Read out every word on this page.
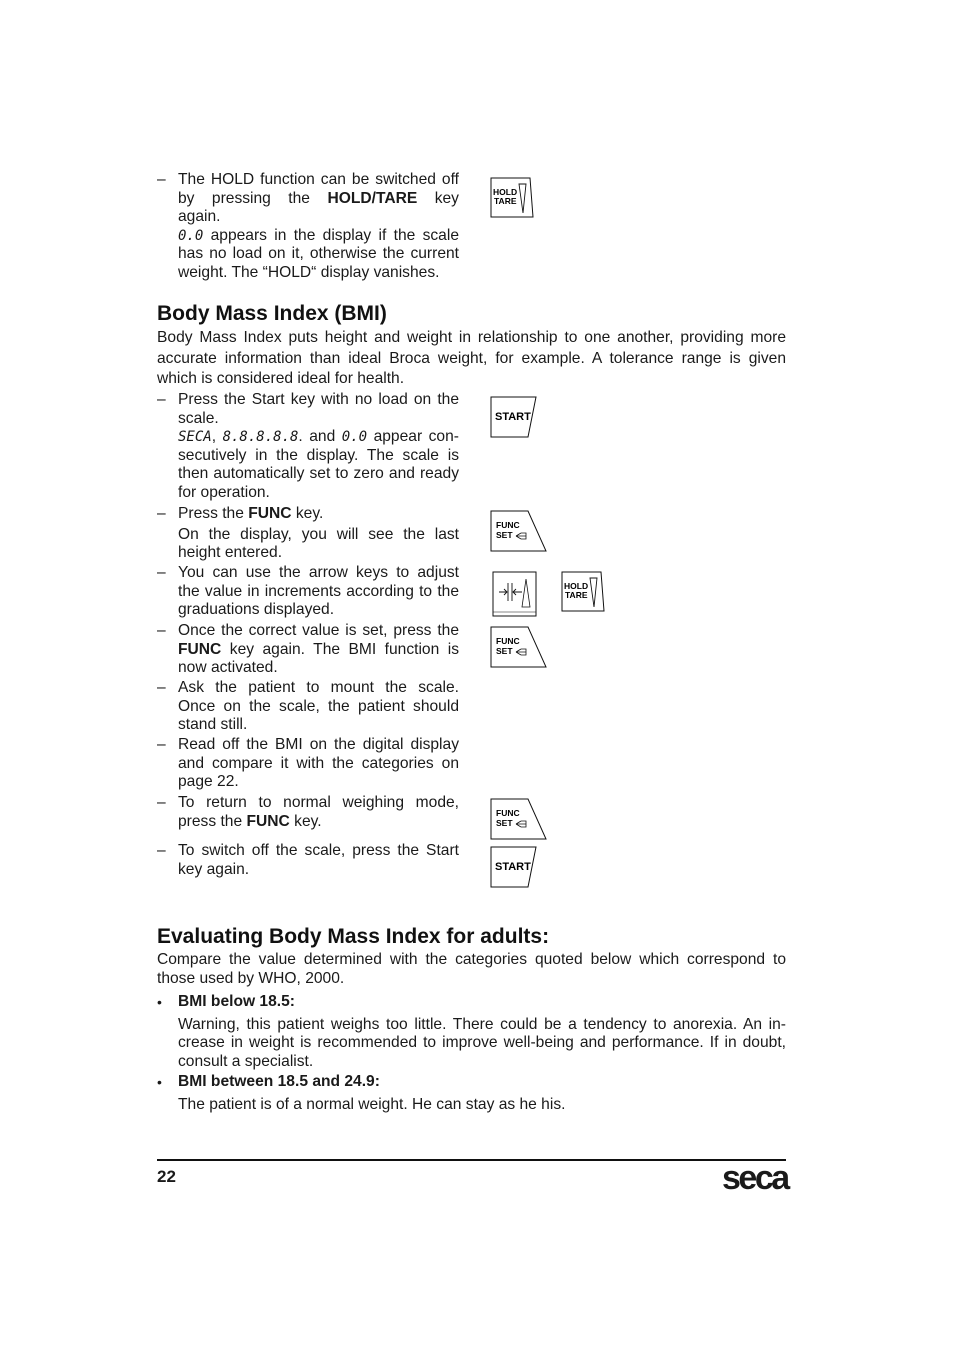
– The HOLD function can be switched off

by pressing the HOLD/TARE key

again.

0.0 appears in the display if the scale

has no load on it, otherwise the current

weight. The “HOLD“ display vanishes.

HOLD
TARE
Body Mass Index (BMI)

Body Mass Index puts height and weight in relationship to one another, providing more

accurate information than ideal Broca weight, for example. A tolerance range is given

which is considered ideal for health.

– Press the Start key with no load on the

scale.

SECA, 8.8.8.8.8. and 0.0 appear con-

secutively in the display. The scale is

then automatically set to zero and ready

for operation.

START
– Press the FUNC key.

On the display, you will see the last

height entered.

FUNC
SET
– You can use the arrow keys to adjust

the value in increments according to the

graduations displayed.

HOLD
TARE
– Once the correct value is set, press the

FUNC key again. The BMI function is

now activated.

FUNC
SET
– Ask the patient to mount the scale.

Once on the scale, the patient should

stand still.

– Read off the BMI on the digital display

and compare it with the categories on

page 22.

– To return to normal weighing mode,

press the FUNC key.	FUNC
SET
– To switch off the scale, press the Start

key again.	START
Evaluating Body Mass Index for adults:

Compare the value determined with the categories quoted below which correspond to

those used by WHO, 2000.

• BMI below 18.5:

Warning, this patient weighs too little. There could be a tendency to anorexia. An in-

crease in weight is recommended to improve well-being and performance. If in doubt,

consult a specialist.

• BMI between 18.5 and 24.9:

The patient is of a normal weight. He can stay as he his.

22	seca
